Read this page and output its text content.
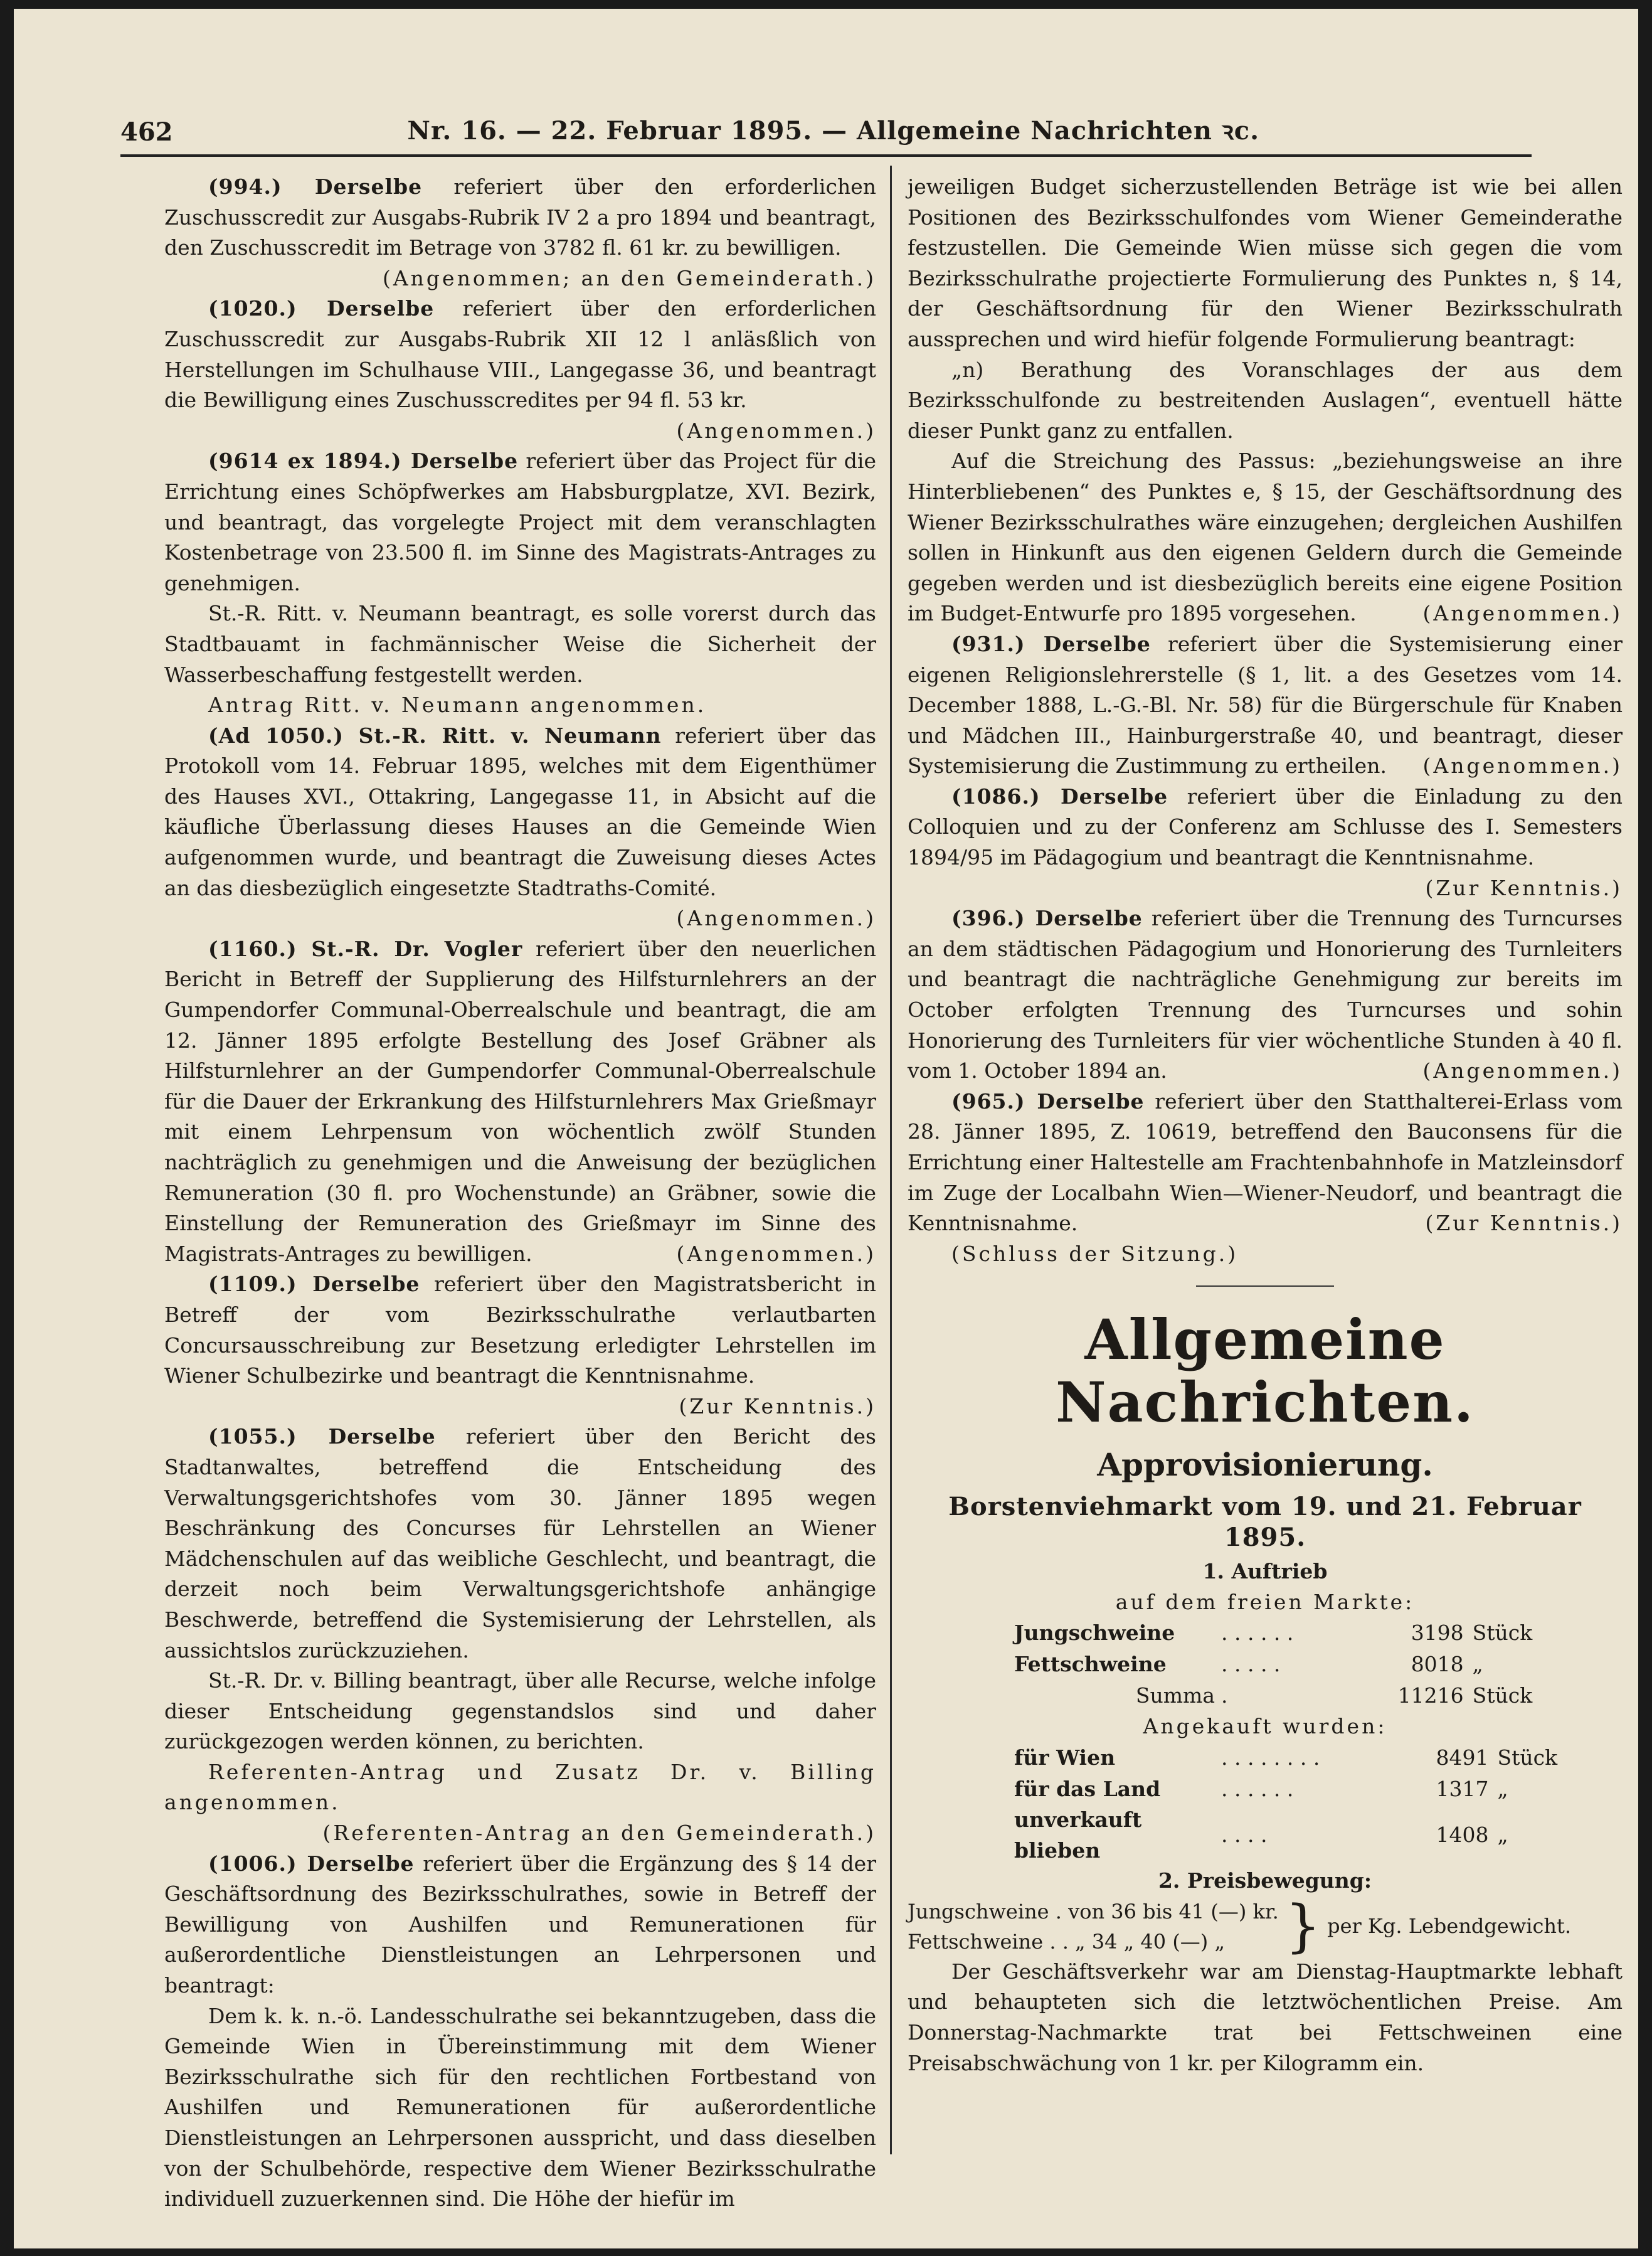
462	Nr. 16. — 22. Februar 1895. — Allgemeine Nachrichten ꝛc.

(994.) Derselbe referiert über den erforderlichen Zuschusscredit zur Ausgabs-Rubrik IV 2 a pro 1894 und beantragt, den Zuschusscredit im Betrage von 3782 fl. 61 kr. zu bewilligen.

(Angenommen; an den Gemeinderath.)

(1020.) Derselbe referiert über den erforderlichen Zuschusscredit zur Ausgabs-Rubrik XII 12 l anläsßlich von Herstellungen im Schulhause VIII., Langegasse 36, und beantragt die Bewilligung eines Zuschusscredites per 94 fl. 53 kr.
(Angenommen.)

(9614 ex 1894.) Derselbe referiert über das Project für die Errichtung eines Schöpfwerkes am Habsburgplatze, XVI. Bezirk, und beantragt, das vorgelegte Project mit dem veranschlagten Kostenbetrage von 23.500 fl. im Sinne des Magistrats-Antrages zu genehmigen.

St.-R. Ritt. v. Neumann beantragt, es solle vorerst durch das Stadtbauamt in fachmännischer Weise die Sicherheit der Wasserbeschaffung festgestellt werden.

Antrag Ritt. v. Neumann angenommen.

(Ad 1050.) St.-R. Ritt. v. Neumann referiert über das Protokoll vom 14. Februar 1895, welches mit dem Eigenthümer des Hauses XVI., Ottakring, Langegasse 11, in Absicht auf die käufliche Überlassung dieses Hauses an die Gemeinde Wien aufgenommen wurde, und beantragt die Zuweisung dieses Actes an das diesbezüglich eingesetzte Stadtraths-Comité.
(Angenommen.)

(1160.) St.-R. Dr. Vogler referiert über den neuerlichen Bericht in Betreff der Supplierung des Hilfsturnlehrers an der Gumpendorfer Communal-Oberrealschule und beantragt, die am 12. Jänner 1895 erfolgte Bestellung des Josef Gräbner als Hilfsturnlehrer an der Gumpendorfer Communal-Oberrealschule für die Dauer der Erkrankung des Hilfsturnlehrers Max Grießmayr mit einem Lehrpensum von wöchentlich zwölf Stunden nachträglich zu genehmigen und die Anweisung der bezüglichen Remuneration (30 fl. pro Wochenstunde) an Gräbner, sowie die Einstellung der Remuneration des Grießmayr im Sinne des Magistrats-Antrages zu bewilligen.	(Angenommen.)

(1109.) Derselbe referiert über den Magistratsbericht in Betreff der vom Bezirksschulrathe verlautbarten Concursausschreibung zur Besetzung erledigter Lehrstellen im Wiener Schulbezirke und beantragt die Kenntnisnahme.
(Zur Kenntnis.)

(1055.) Derselbe referiert über den Bericht des Stadtanwaltes, betreffend die Entscheidung des Verwaltungsgerichtshofes vom 30. Jänner 1895 wegen Beschränkung des Concurses für Lehrstellen an Wiener Mädchenschulen auf das weibliche Geschlecht, und beantragt, die derzeit noch beim Verwaltungsgerichtshofe anhängige Beschwerde, betreffend die Systemisierung der Lehrstellen, als aussichtslos zurückzuziehen.

St.-R. Dr. v. Billing beantragt, über alle Recurse, welche infolge dieser Entscheidung gegenstandslos sind und daher zurückgezogen werden können, zu berichten.

Referenten-Antrag und Zusatz Dr. v. Billing angenommen.

(Referenten-Antrag an den Gemeinderath.)

(1006.) Derselbe referiert über die Ergänzung des § 14 der Geschäftsordnung des Bezirksschulrathes, sowie in Betreff der Bewilligung von Aushilfen und Remunerationen für außerordentliche Dienstleistungen an Lehrpersonen und beantragt:

Dem k. k. n.-ö. Landesschulrathe sei bekanntzugeben, dass die Gemeinde Wien in Übereinstimmung mit dem Wiener Bezirksschulrathe sich für den rechtlichen Fortbestand von Aushilfen und Remunerationen für außerordentliche Dienstleistungen an Lehrpersonen ausspricht, und dass dieselben von der Schulbehörde, respective dem Wiener Bezirksschulrathe individuell zuzuerkennen sind. Die Höhe der hiefür im

jeweiligen Budget sicherzustellenden Beträge ist wie bei allen Positionen des Bezirksschulfondes vom Wiener Gemeinderathe festzustellen. Die Gemeinde Wien müsse sich gegen die vom Bezirksschulrathe projectierte Formulierung des Punktes n, § 14, der Geschäftsordnung für den Wiener Bezirksschulrath aussprechen und wird hiefür folgende Formulierung beantragt:

„n) Berathung des Voranschlages der aus dem Bezirksschulfonde zu bestreitenden Auslagen“, eventuell hätte dieser Punkt ganz zu entfallen.

Auf die Streichung des Passus: „beziehungsweise an ihre Hinterbliebenen“ des Punktes e, § 15, der Geschäftsordnung des Wiener Bezirksschulrathes wäre einzugehen; dergleichen Aushilfen sollen in Hinkunft aus den eigenen Geldern durch die Gemeinde gegeben werden und ist diesbezüglich bereits eine eigene Position im Budget-Entwurfe pro 1895 vorgesehen.	(Angenommen.)

(931.) Derselbe referiert über die Systemisierung einer eigenen Religionslehrerstelle (§ 1, lit. a des Gesetzes vom 14. December 1888, L.-G.-Bl. Nr. 58) für die Bürgerschule für Knaben und Mädchen III., Hainburgerstraße 40, und beantragt, dieser Systemisierung die Zustimmung zu ertheilen. (Angenommen.)

(1086.) Derselbe referiert über die Einladung zu den Colloquien und zu der Conferenz am Schlusse des I. Semesters 1894/95 im Pädagogium und beantragt die Kenntnisnahme.
(Zur Kenntnis.)

(396.) Derselbe referiert über die Trennung des Turncurses an dem städtischen Pädagogium und Honorierung des Turnleiters und beantragt die nachträgliche Genehmigung zur bereits im October erfolgten Trennung des Turncurses und sohin Honorierung des Turnleiters für vier wöchentliche Stunden à 40 fl. vom 1. October 1894 an.	(Angenommen.)

(965.) Derselbe referiert über den Statthalterei-Erlass vom 28. Jänner 1895, Z. 10619, betreffend den Bauconsens für die Errichtung einer Haltestelle am Frachtenbahnhofe in Matzleinsdorf im Zuge der Localbahn Wien—Wiener-Neudorf, und beantragt die Kenntnisnahme.	(Zur Kenntnis.)

(Schluss der Sitzung.)

Allgemeine Nachrichten.
Approvisionierung.
Borstenviehmarkt vom 19. und 21. Februar 1895.
1. Auftrieb
auf dem freien Markte:
	Jungschweine	. . . . . .	3198	Stück
	Fettschweine	. . . . .	8018	„
	Summa	.	11216	Stück
Angekauft wurden:
	für Wien	. . . . . . . .	8491	Stück
	für das Land	. . . . . .	1317	„
	unverkauft blieben	. . . .	1408	„
2. Preisbewegung:
Jungschweine . von 36 bis 41 (—) kr.
Fettschweine . . „ 34 „ 40 (—) „	} per Kg. Lebendgewicht.

Der Geschäftsverkehr war am Dienstag-Hauptmarkte lebhaft und behaupteten sich die letztwöchentlichen Preise. Am Donnerstag-Nachmarkte trat bei Fettschweinen eine Preisabschwächung von 1 kr. per Kilogramm ein.
